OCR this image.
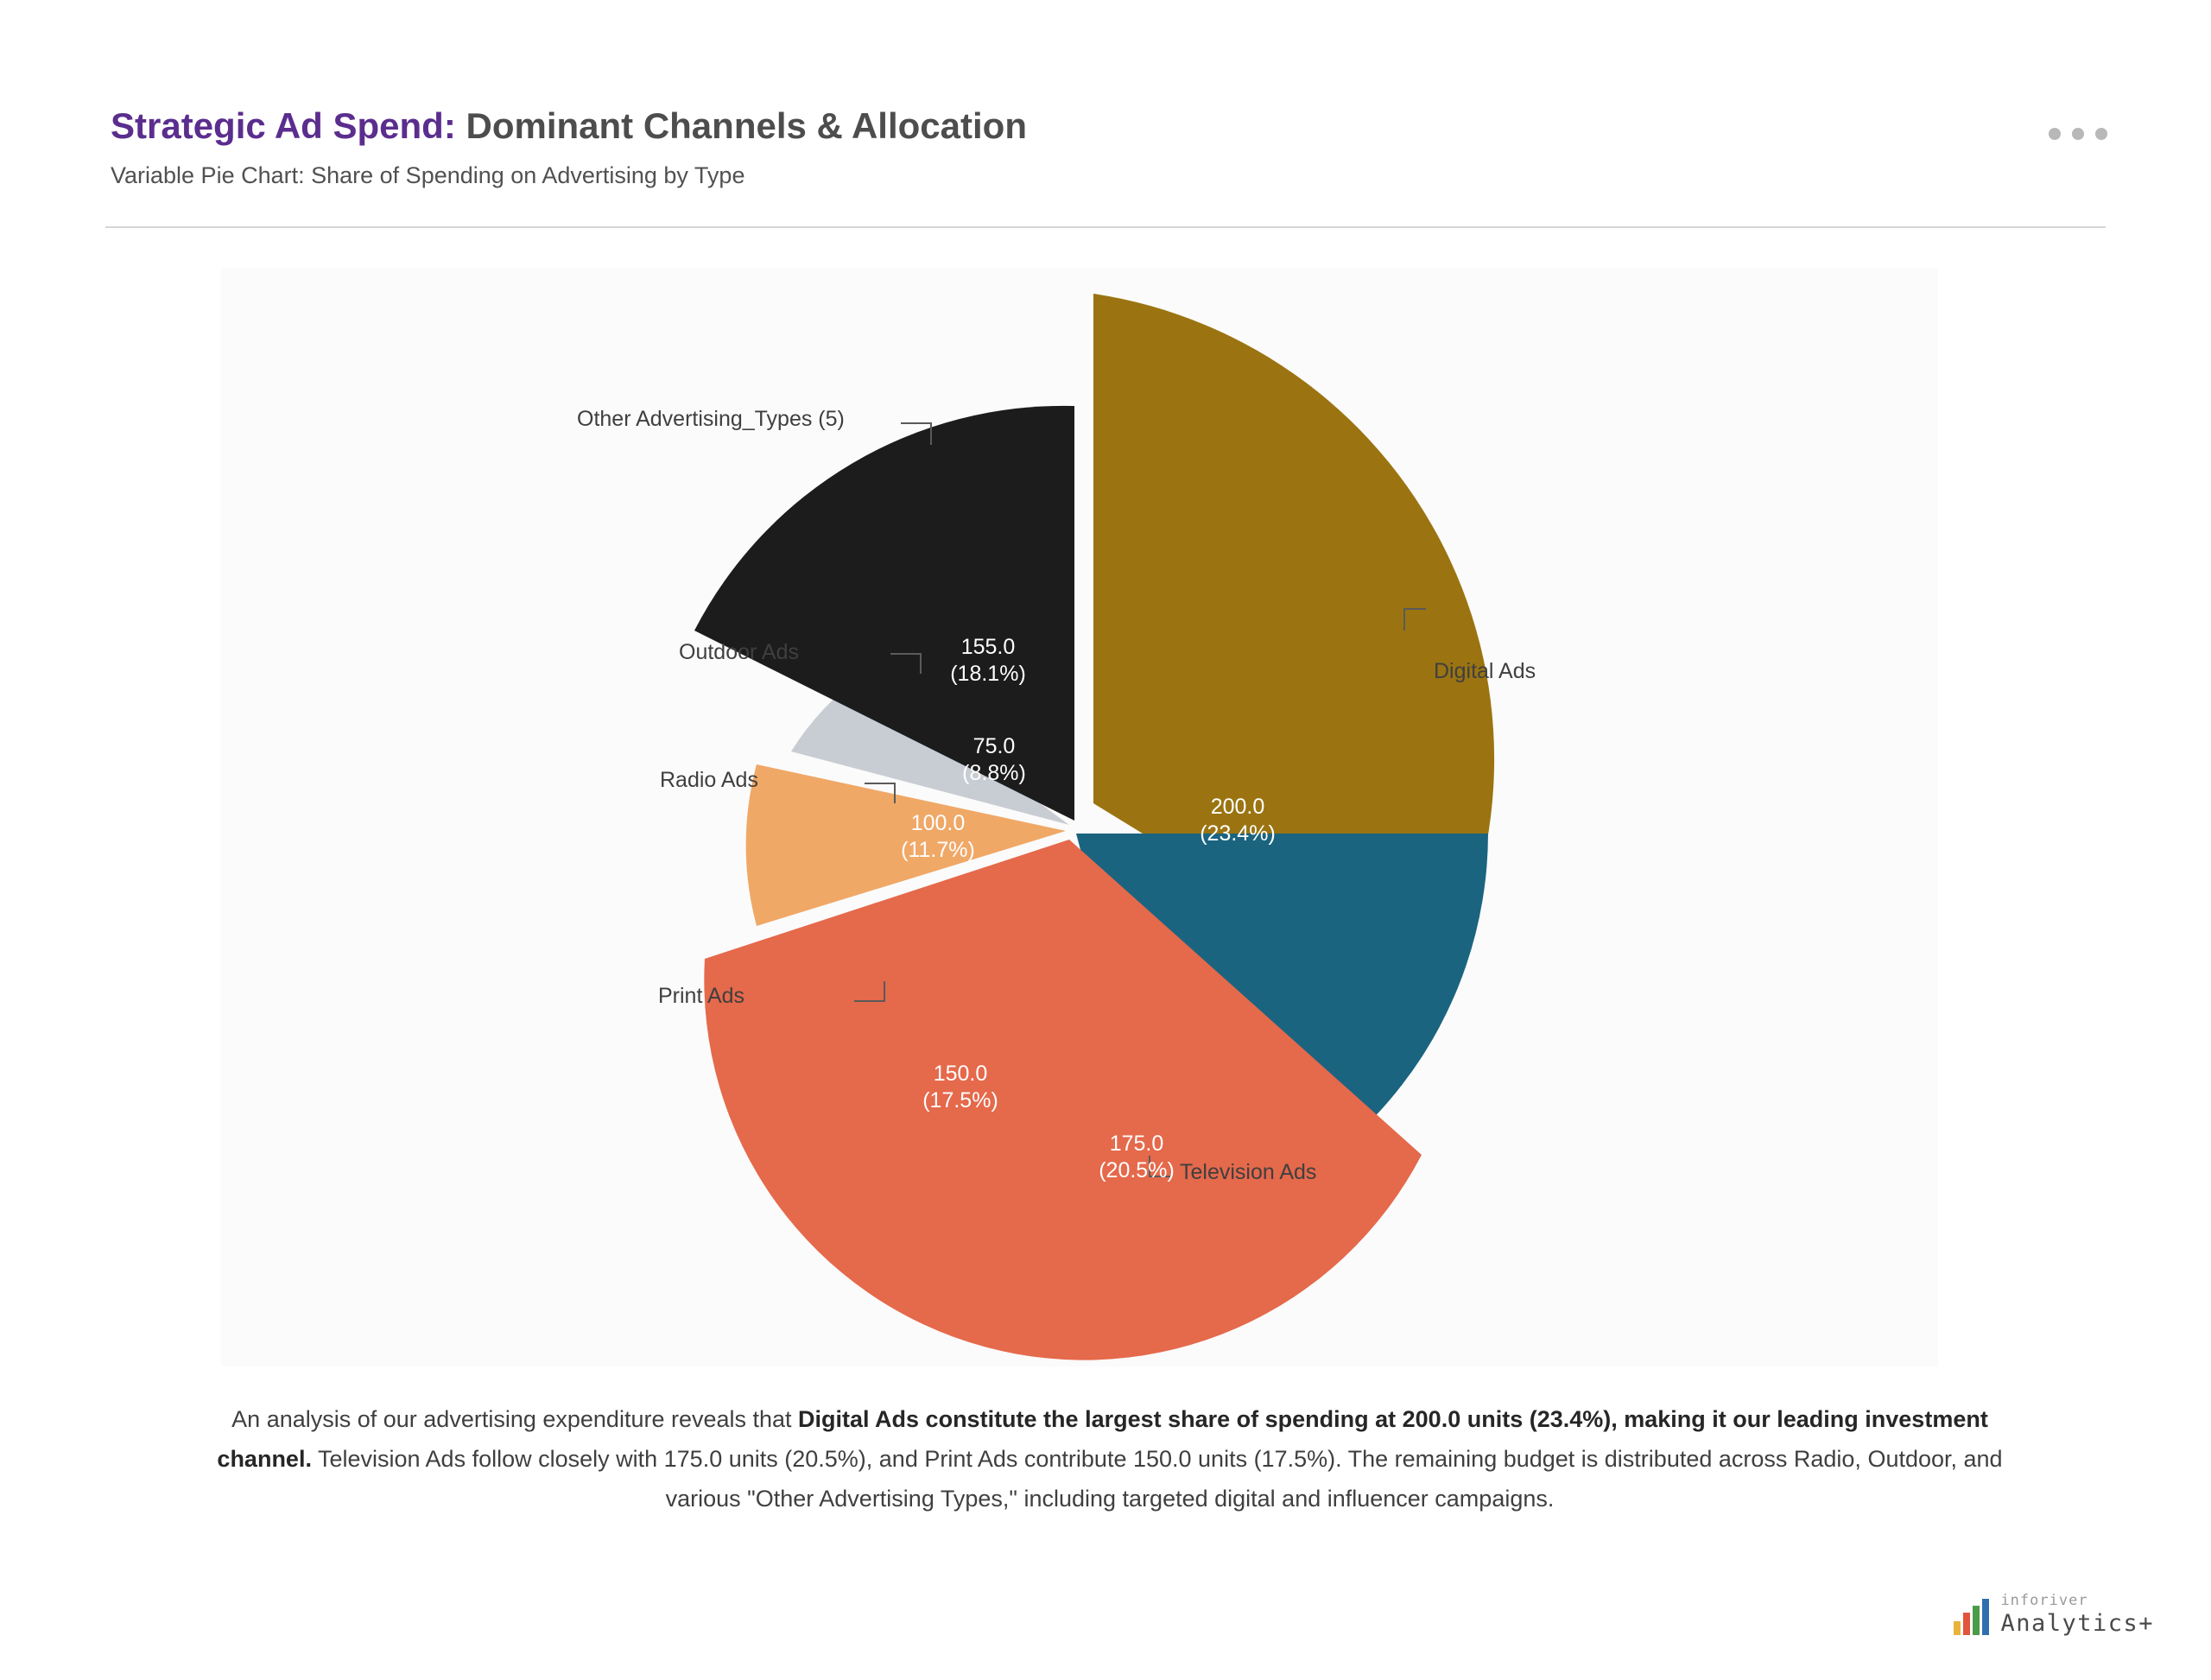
Strategic Ad Spend: Dominant Channels & Allocation
Variable Pie Chart: Share of Spending on Advertising by Type
200.0
(23.4%)
175.0
(20.5%)
150.0
(17.5%)
100.0
(11.7%)
75.0
(8.8%)
155.0
(18.1%)
Other Advertising_Types (5)
Digital Ads
Outdoor Ads
Radio Ads
Print Ads
Television Ads
An analysis of our advertising expenditure reveals that Digital Ads constitute the largest share of spending at 200.0 units (23.4%), making it our leading investment channel. Television Ads follow closely with 175.0 units (20.5%), and Print Ads contribute 150.0 units (17.5%). The remaining budget is distributed across Radio, Outdoor, and various "Other Advertising Types," including targeted digital and influencer campaigns.
inforiver
Analytics+
